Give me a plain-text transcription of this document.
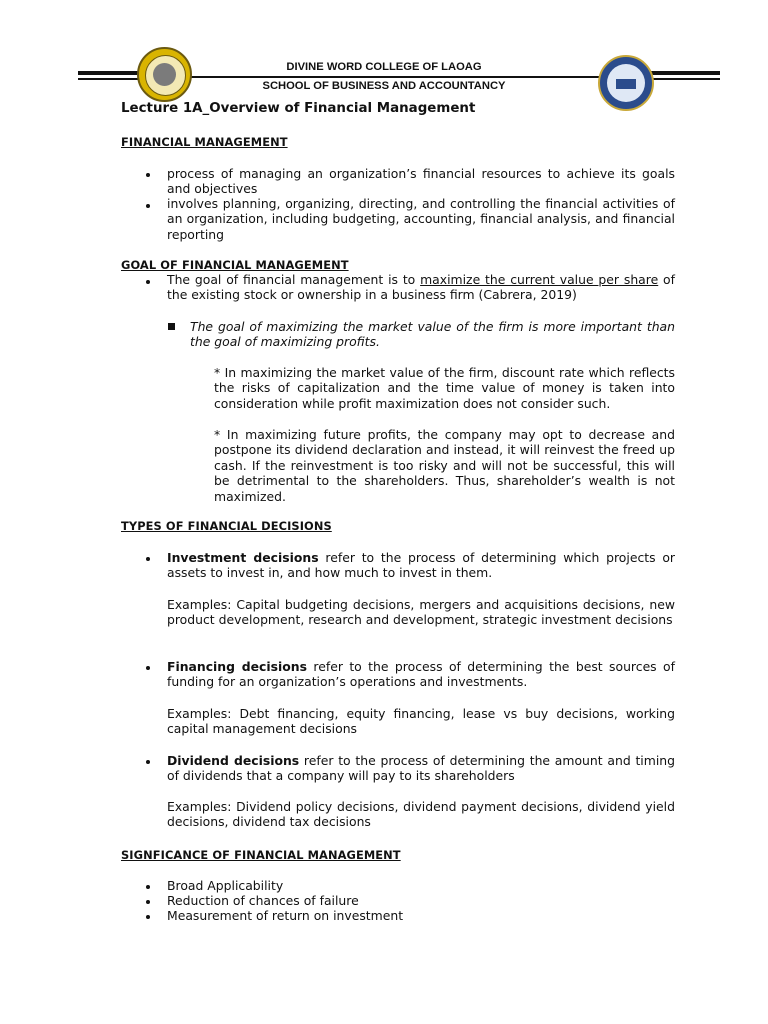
DIVINE WORD COLLEGE OF LAOAG
SCHOOL OF BUSINESS AND ACCOUNTANCY
Lecture 1A_Overview of Financial Management
FINANCIAL MANAGEMENT
process of managing an organization’s financial resources to achieve its goals and objectives
involves planning, organizing, directing, and controlling the financial activities of an organization, including budgeting, accounting, financial analysis, and financial reporting
GOAL OF FINANCIAL MANAGEMENT
The goal of financial management is to maximize the current value per share of the existing stock or ownership in a business firm (Cabrera, 2019)
The goal of maximizing the market value of the firm is more important than the goal of maximizing profits.
* In maximizing the market value of the firm, discount rate which reflects the risks of capitalization and the time value of money is taken into consideration while profit maximization does not consider such.
* In maximizing future profits, the company may opt to decrease and postpone its dividend declaration and instead, it will reinvest the freed up cash. If the reinvestment is too risky and will not be successful, this will be detrimental to the shareholders. Thus, shareholder’s wealth is not maximized.
TYPES OF FINANCIAL DECISIONS
Investment decisions refer to the process of determining which projects or assets to invest in, and how much to invest in them.
Examples: Capital budgeting decisions, mergers and acquisitions decisions, new product development, research and development, strategic investment decisions
Financing decisions refer to the process of determining the best sources of funding for an organization’s operations and investments.
Examples: Debt financing, equity financing, lease vs buy decisions, working capital management decisions
Dividend decisions refer to the process of determining the amount and timing of dividends that a company will pay to its shareholders
Examples: Dividend policy decisions, dividend payment decisions, dividend yield decisions, dividend tax decisions
SIGNFICANCE OF FINANCIAL MANAGEMENT
Broad Applicability
Reduction of chances of failure
Measurement of return on investment
